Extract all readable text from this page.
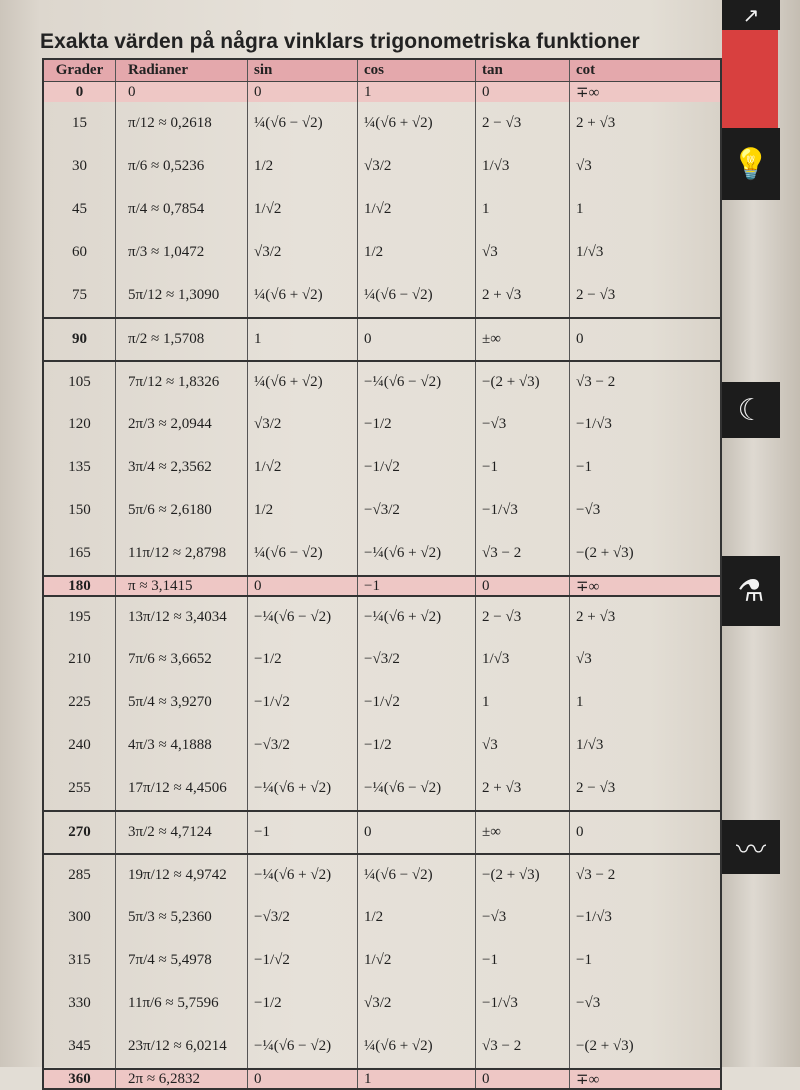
Exakta värden på några vinklars trigonometriska funktioner
Grader	Radianer	sin	cos	tan	cot
0	0	0	1	0	∓∞
15	π/12 ≈ 0,2618	¼(√6 − √2)	¼(√6 + √2)	2 − √3	2 + √3
30	π/6 ≈ 0,5236	1/2	√3/2	1/√3	√3
45	π/4 ≈ 0,7854	1/√2	1/√2	1	1
60	π/3 ≈ 1,0472	√3/2	1/2	√3	1/√3
75	5π/12 ≈ 1,3090	¼(√6 + √2)	¼(√6 − √2)	2 + √3	2 − √3
90	π/2 ≈ 1,5708	1	0	±∞	0
105	7π/12 ≈ 1,8326	¼(√6 + √2)	−¼(√6 − √2)	−(2 + √3)	√3 − 2
120	2π/3 ≈ 2,0944	√3/2	−1/2	−√3	−1/√3
135	3π/4 ≈ 2,3562	1/√2	−1/√2	−1	−1
150	5π/6 ≈ 2,6180	1/2	−√3/2	−1/√3	−√3
165	11π/12 ≈ 2,8798	¼(√6 − √2)	−¼(√6 + √2)	√3 − 2	−(2 + √3)
180	π ≈ 3,1415	0	−1	0	∓∞
195	13π/12 ≈ 3,4034	−¼(√6 − √2)	−¼(√6 + √2)	2 − √3	2 + √3
210	7π/6 ≈ 3,6652	−1/2	−√3/2	1/√3	√3
225	5π/4 ≈ 3,9270	−1/√2	−1/√2	1	1
240	4π/3 ≈ 4,1888	−√3/2	−1/2	√3	1/√3
255	17π/12 ≈ 4,4506	−¼(√6 + √2)	−¼(√6 − √2)	2 + √3	2 − √3
270	3π/2 ≈ 4,7124	−1	0	±∞	0
285	19π/12 ≈ 4,9742	−¼(√6 + √2)	¼(√6 − √2)	−(2 + √3)	√3 − 2
300	5π/3 ≈ 5,2360	−√3/2	1/2	−√3	−1/√3
315	7π/4 ≈ 5,4978	−1/√2	1/√2	−1	−1
330	11π/6 ≈ 5,7596	−1/2	√3/2	−1/√3	−√3
345	23π/12 ≈ 6,0214	−¼(√6 − √2)	¼(√6 + √2)	√3 − 2	−(2 + √3)
360	2π ≈ 6,2832	0	1	0	∓∞
↗
💡
☾
⚗
〰
